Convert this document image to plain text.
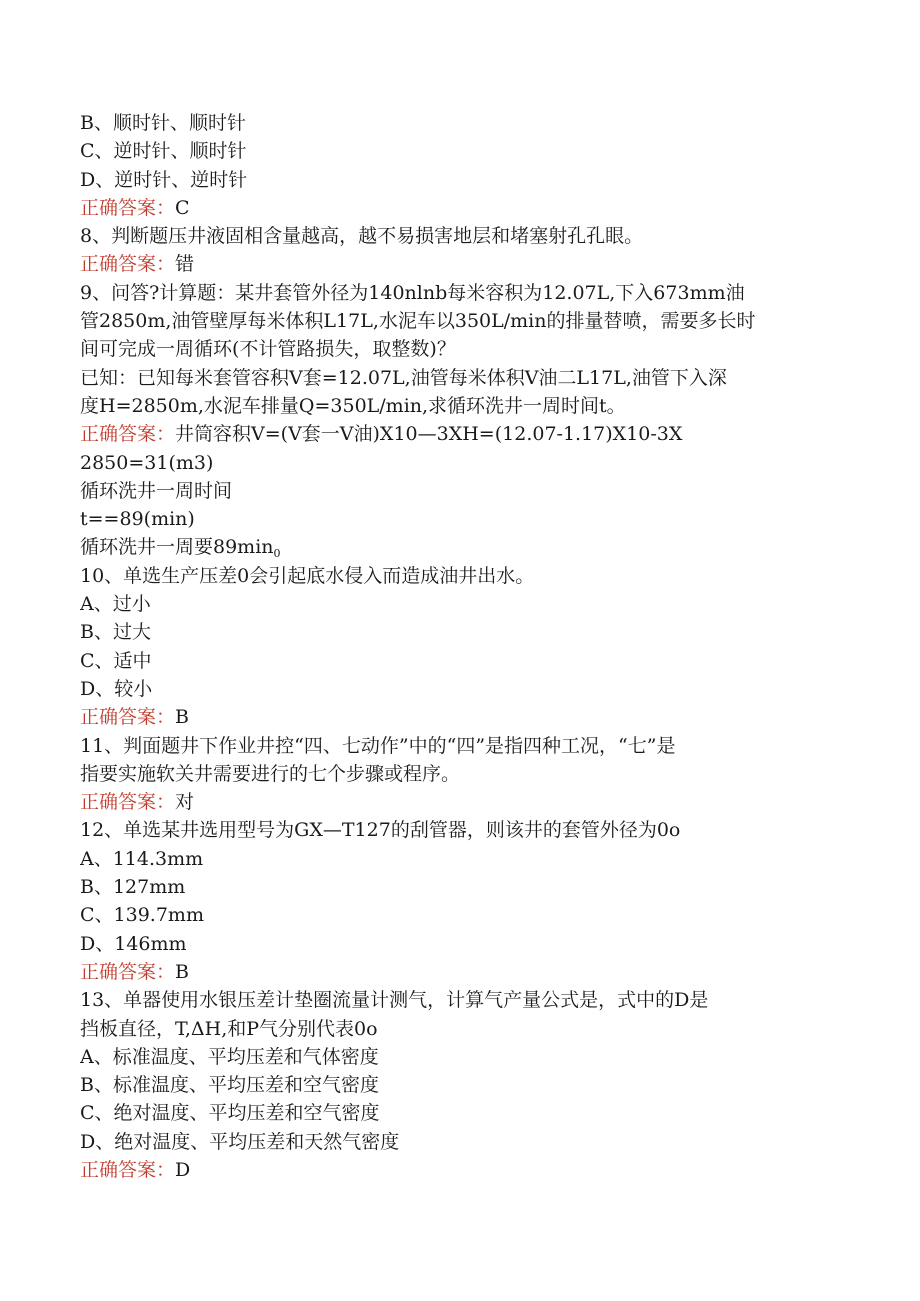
B、顺时针、顺时针
C、逆时针、顺时针
D、逆时针、逆时针
正确答案：C
8、判断题压井液固相含量越高，越不易损害地层和堵塞射孔孔眼。
正确答案：错
9、问答?计算题：某井套管外径为140nlnb每米容积为12.07L,下入673mm油
管2850m,油管壁厚每米体积L17L,水泥车以350L/min的排量替喷，需要多长时
间可完成一周循环(不计管路损失，取整数)？
已知：已知每米套管容积V套=12.07L,油管每米体积V油二L17L,油管下入深
度H=2850m,水泥车排量Q=350L/min,求循环洗井一周时间t。
正确答案：井筒容积V=(V套一V油)X10—3XH=(12.07-1.17)X10-3X
2850=31(m3)
循环洗井一周时间
t==89(min)
循环洗井一周要$89\min_0$
10、单选生产压差0会引起底水侵入而造成油井出水。
A、过小
B、过大
C、适中
D、较小
正确答案：B
11、判面题井下作业井控“四、七动作”中的“四”是指四种工况，“七”是
指要实施软关井需要进行的七个步骤或程序。
正确答案：对
12、单选某井选用型号为GX—T127的刮管器，则该井的套管外径为0o
A、114.3mm
B、127mm
C、139.7mm
D、146mm
正确答案：B
13、单器使用水银压差计垫圈流量计测气，计算气产量公式是，式中的D是
挡板直径，T,ΔH,和P气分别代表0o
A、标准温度、平均压差和气体密度
B、标准温度、平均压差和空气密度
C、绝对温度、平均压差和空气密度
D、绝对温度、平均压差和天然气密度
正确答案：D
